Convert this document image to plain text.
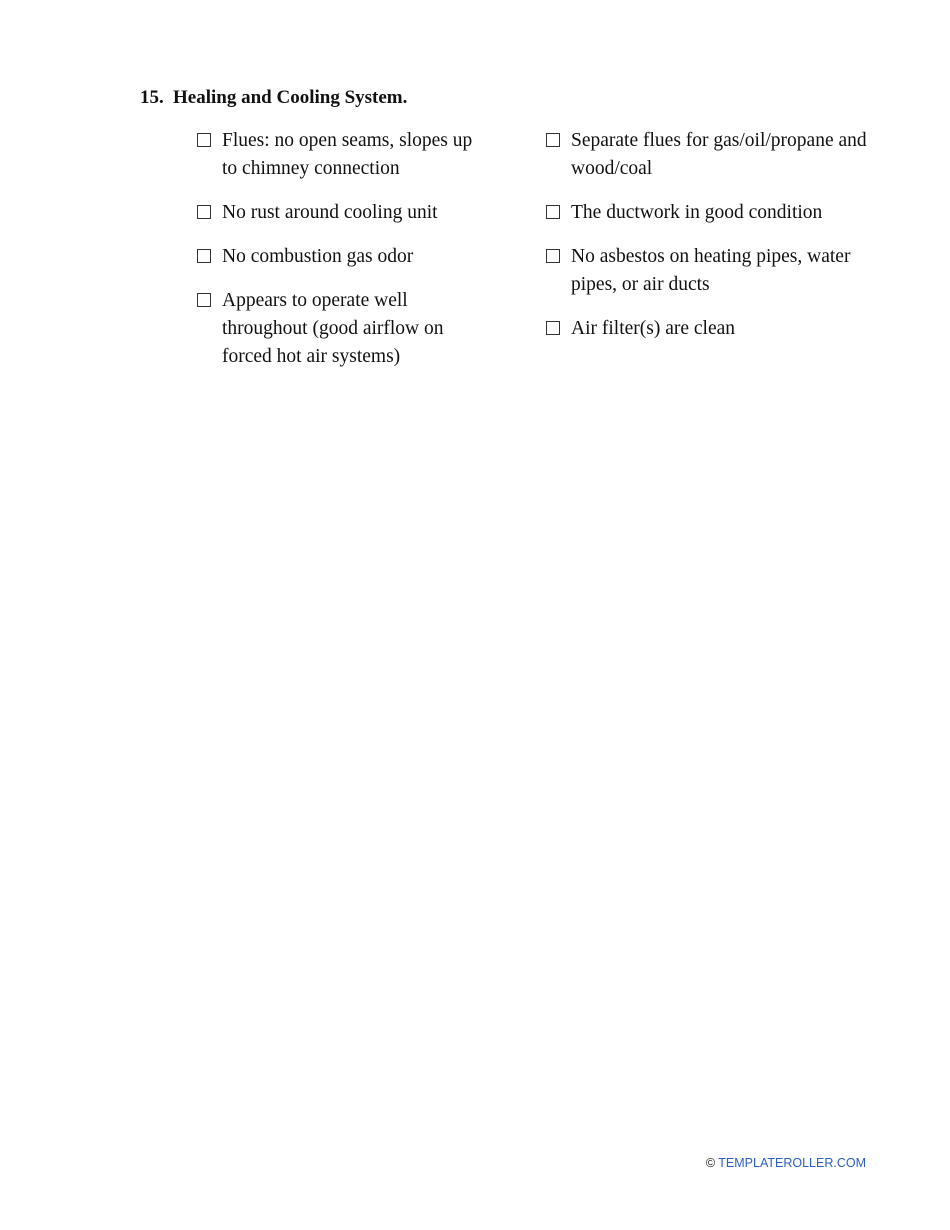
15. Healing and Cooling System.
Flues: no open seams, slopes up to chimney connection
No rust around cooling unit
No combustion gas odor
Appears to operate well throughout (good airflow on forced hot air systems)
Separate flues for gas/oil/propane and wood/coal
The ductwork in good condition
No asbestos on heating pipes, water pipes, or air ducts
Air filter(s) are clean
© TEMPLATEROLLER.COM
